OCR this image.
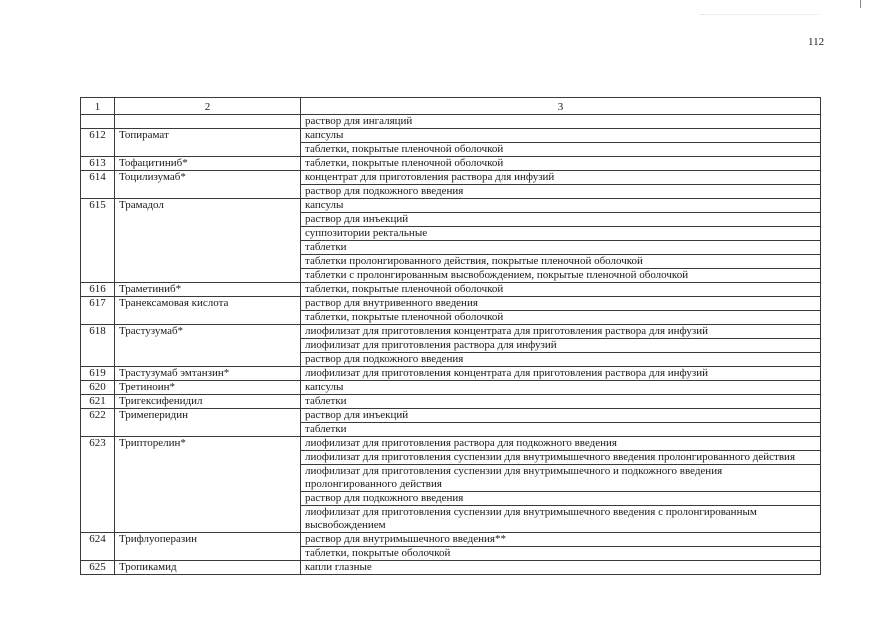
112
1	2	3
		раствор для ингаляций
612	Топирамат	капсулы
		таблетки, покрытые пленочной оболочкой
613	Тофацитиниб*	таблетки, покрытые пленочной оболочкой
614	Тоцилизумаб*	концентрат для приготовления раствора для инфузий
		раствор для подкожного введения
615	Трамадол	капсулы
		раствор для инъекций
		суппозитории ректальные
		таблетки
		таблетки пролонгированного действия, покрытые пленочной оболочкой
		таблетки с пролонгированным высвобождением, покрытые пленочной оболочкой
616	Траметиниб*	таблетки, покрытые пленочной оболочкой
617	Транексамовая кислота	раствор для внутривенного введения
		таблетки, покрытые пленочной оболочкой
618	Трастузумаб*	лиофилизат для приготовления концентрата для приготовления раствора для инфузий
		лиофилизат для приготовления раствора для инфузий
		раствор для подкожного введения
619	Трастузумаб эмтанзин*	лиофилизат для приготовления концентрата для приготовления раствора для инфузий
620	Третиноин*	капсулы
621	Тригексифенидил	таблетки
622	Тримеперидин	раствор для инъекций
		таблетки
623	Трипторелин*	лиофилизат для приготовления раствора для подкожного введения
		лиофилизат для приготовления суспензии для внутримышечного введения пролонгированного действия
		лиофилизат для приготовления суспензии для внутримышечного и подкожного введения пролонгированного действия
		раствор для подкожного введения
		лиофилизат для приготовления суспензии для внутримышечного введения с пролонгированным высвобождением
624	Трифлуоперазин	раствор для внутримышечного введения**
		таблетки, покрытые оболочкой
625	Тропикамид	капли глазные
